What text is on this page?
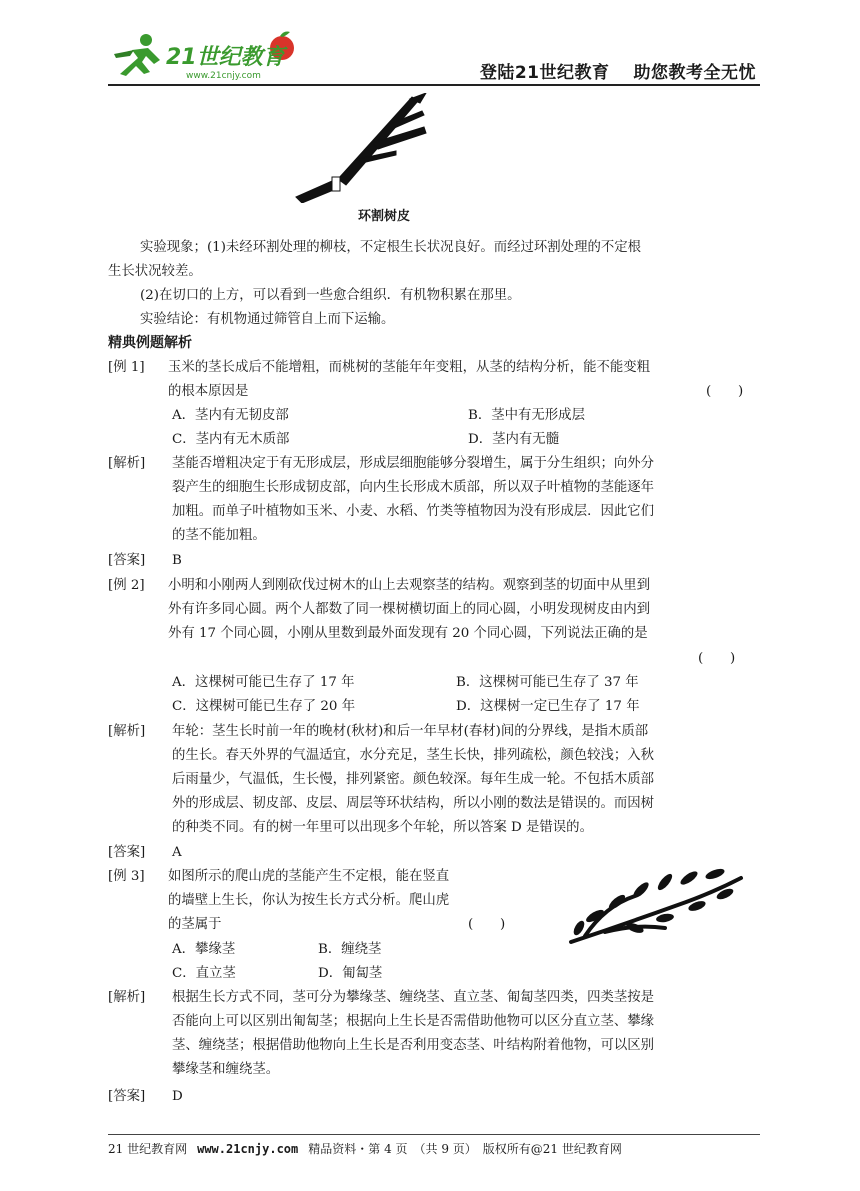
21世纪教育
www.21cnjy.com	登陆21世纪教育 助您教考全无忧
环割树皮
实验现象；(1)未经环割处理的柳枝，不定根生长状况良好。而经过环割处理的不定根
生长状况较差。
(2)在切口的上方，可以看到一些愈合组织．有机物积累在那里。
实验结论：有机物通过筛管自上而下运输。
精典例题解析
[例 1] 玉米的茎长成后不能增粗，而桃树的茎能年年变粗，从茎的结构分析，能不能变粗
的根本原因是	(　　)
A．茎内有无韧皮部	B．茎中有无形成层
C．茎内有无木质部	D．茎内有无髓
[解析] 茎能否增粗决定于有无形成层，形成层细胞能够分裂增生，属于分生组织；向外分
裂产生的细胞生长形成韧皮部，向内生长形成木质部，所以双子叶植物的茎能逐年
加粗。而单子叶植物如玉米、小麦、水稻、竹类等植物因为没有形成层．因此它们
的茎不能加粗。
[答案] B
[例 2] 小明和小刚两人到刚砍伐过树木的山上去观察茎的结构。观察到茎的切面中从里到
外有许多同心圆。两个人都数了同一棵树横切面上的同心圆，小明发现树皮由内到
外有 17 个同心圆，小刚从里数到最外面发现有 20 个同心圆，下列说法正确的是
(　　)
A．这棵树可能已生存了 17 年	B．这棵树可能已生存了 37 年
C．这棵树可能已生存了 20 年	D．这棵树一定已生存了 17 年
[解析] 年轮：茎生长时前一年的晚材(秋材)和后一年早材(春材)间的分界线，是指木质部
的生长。春天外界的气温适宜，水分充足，茎生长快，排列疏松，颜色较浅；入秋
后雨量少，气温低，生长慢，排列紧密。颜色较深。每年生成一轮。不包括木质部
外的形成层、韧皮部、皮层、周层等环状结构，所以小刚的数法是错误的。而因树
的种类不同。有的树一年里可以出现多个年轮，所以答案 D 是错误的。
[答案] A
[例 3] 如图所示的爬山虎的茎能产生不定根，能在竖直
的墙壁上生长，你认为按生长方式分析。爬山虎
的茎属于	(　　)
A．攀缘茎	B．缠绕茎
C．直立茎	D．匍匐茎
[解析] 根据生长方式不同，茎可分为攀缘茎、缠绕茎、直立茎、匍匐茎四类，四类茎按是
否能向上可以区别出匍匐茎；根据向上生长是否需借助他物可以区分直立茎、攀缘
茎、缠绕茎；根据借助他物向上生长是否利用变态茎、叶结构附着他物，可以区别
攀缘茎和缠绕茎。
[答案] D
21 世纪教育网 www.21cnjy.com 精品资料・第 4 页　（共 9 页）　版权所有@21 世纪教育网
